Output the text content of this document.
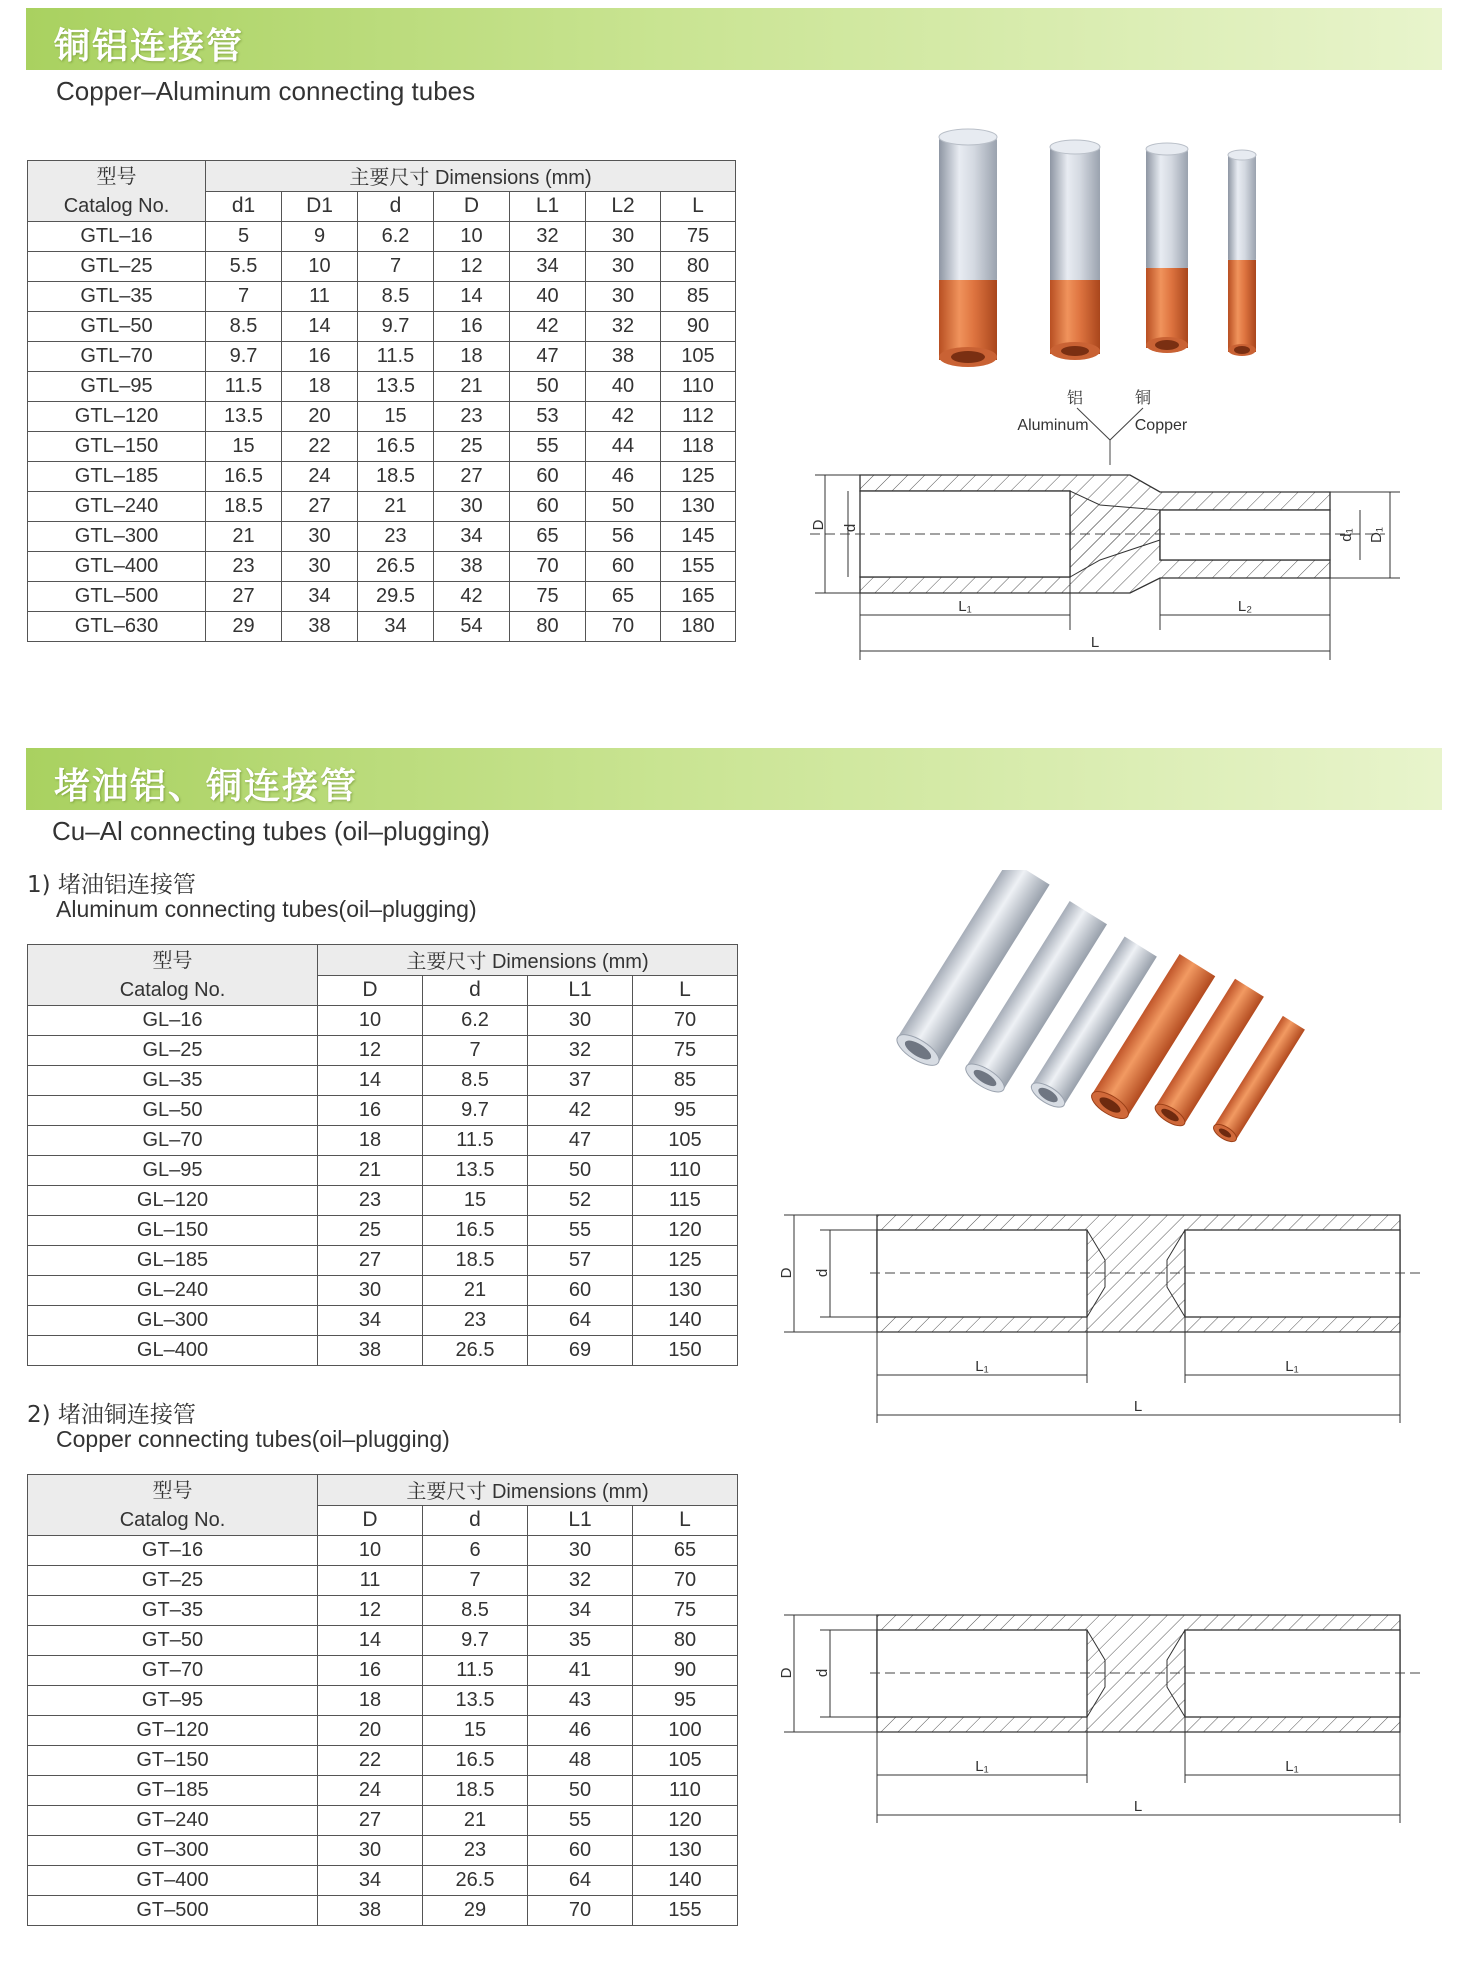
铜铝连接管
Copper–Aluminum connecting tubes
型号
Catalog No.	主要尺寸 Dimensions (mm)						
	d1	D1	d	D	L1	L2	L
GTL–16	5	9	6.2	10	32	30	75
GTL–25	5.5	10	7	12	34	30	80
GTL–35	7	11	8.5	14	40	30	85
GTL–50	8.5	14	9.7	16	42	32	90
GTL–70	9.7	16	11.5	18	47	38	105
GTL–95	11.5	18	13.5	21	50	40	110
GTL–120	13.5	20	15	23	53	42	112
GTL–150	15	22	16.5	25	55	44	118
GTL–185	16.5	24	18.5	27	60	46	125
GTL–240	18.5	27	21	30	60	50	130
GTL–300	21	30	23	34	65	56	145
GTL–400	23	30	26.5	38	70	60	155
GTL–500	27	34	29.5	42	75	65	165
GTL–630	29	38	34	54	80	70	180
铝	铜
Aluminum	Copper
D d
d₁ D₁
L₁	L₂
L
堵油铝、铜连接管
Cu–Al connecting tubes (oil–plugging)
1) 堵油铝连接管
Aluminum connecting tubes(oil–plugging)
型号
Catalog No.	主要尺寸 Dimensions (mm)			
	D	d	L1	L
GL–16	10	6.2	30	70
GL–25	12	7	32	75
GL–35	14	8.5	37	85
GL–50	16	9.7	42	95
GL–70	18	11.5	47	105
GL–95	21	13.5	50	110
GL–120	23	15	52	115
GL–150	25	16.5	55	120
GL–185	27	18.5	57	125
GL–240	30	21	60	130
GL–300	34	23	64	140
GL–400	38	26.5	69	150
D d
L₁	L₁
L
2) 堵油铜连接管
Copper connecting tubes(oil–plugging)
型号
Catalog No.	主要尺寸 Dimensions (mm)			
	D	d	L1	L
GT–16	10	6	30	65
GT–25	11	7	32	70
GT–35	12	8.5	34	75
GT–50	14	9.7	35	80
GT–70	16	11.5	41	90
GT–95	18	13.5	43	95
GT–120	20	15	46	100
GT–150	22	16.5	48	105
GT–185	24	18.5	50	110
GT–240	27	21	55	120
GT–300	30	23	60	130
GT–400	34	26.5	64	140
GT–500	38	29	70	155
D d
L₁	L₁
L
